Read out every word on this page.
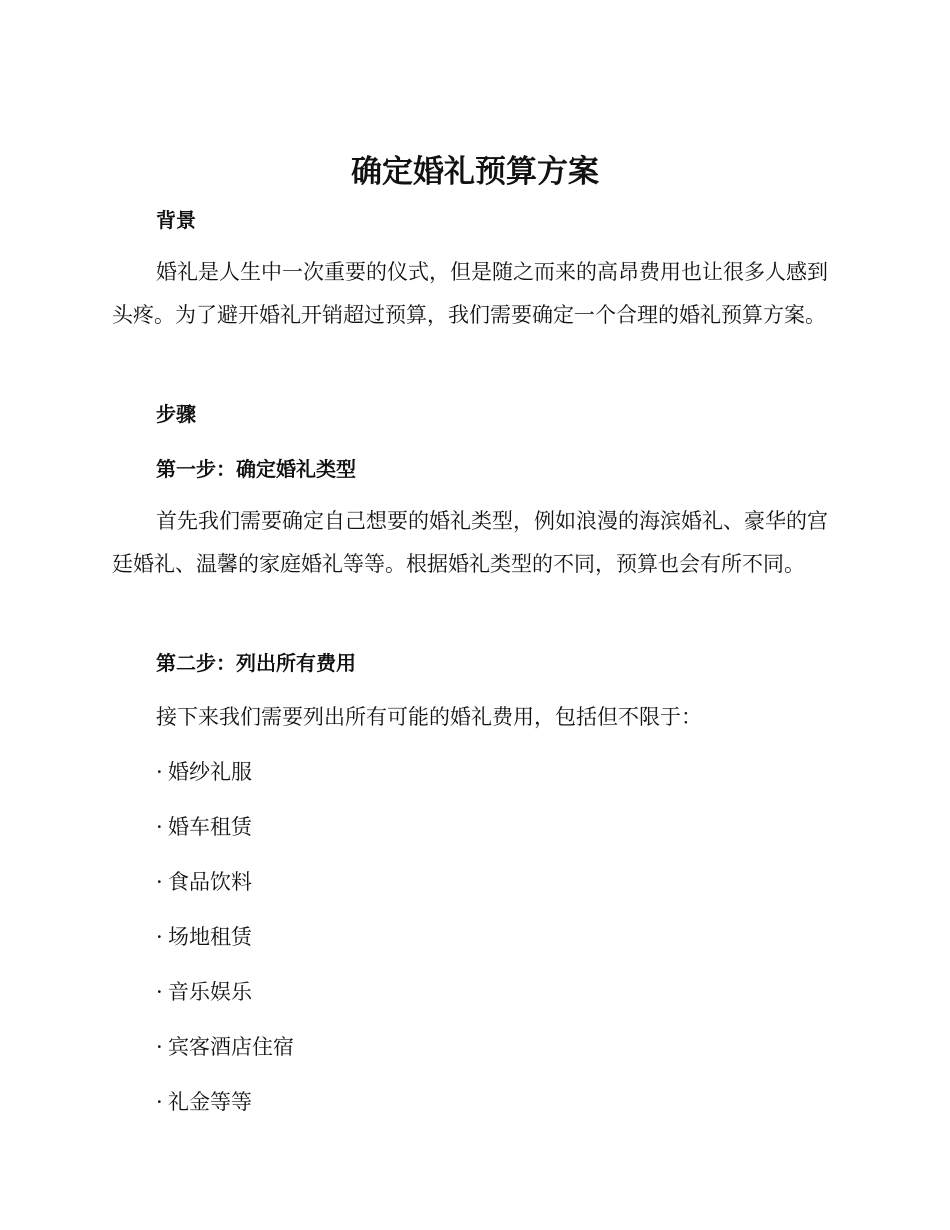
确定婚礼预算方案
背景

婚礼是人生中一次重要的仪式，但是随之而来的高昂费用也让很多人感到头疼。为了避开婚礼开销超过预算，我们需要确定一个合理的婚礼预算方案。

步骤
第一步：确定婚礼类型

首先我们需要确定自己想要的婚礼类型，例如浪漫的海滨婚礼、豪华的宫廷婚礼、温馨的家庭婚礼等等。根据婚礼类型的不同，预算也会有所不同。

第二步：列出所有费用

接下来我们需要列出所有可能的婚礼费用，包括但不限于：

· 婚纱礼服

· 婚车租赁

· 食品饮料

· 场地租赁

· 音乐娱乐

· 宾客酒店住宿

· 礼金等等
